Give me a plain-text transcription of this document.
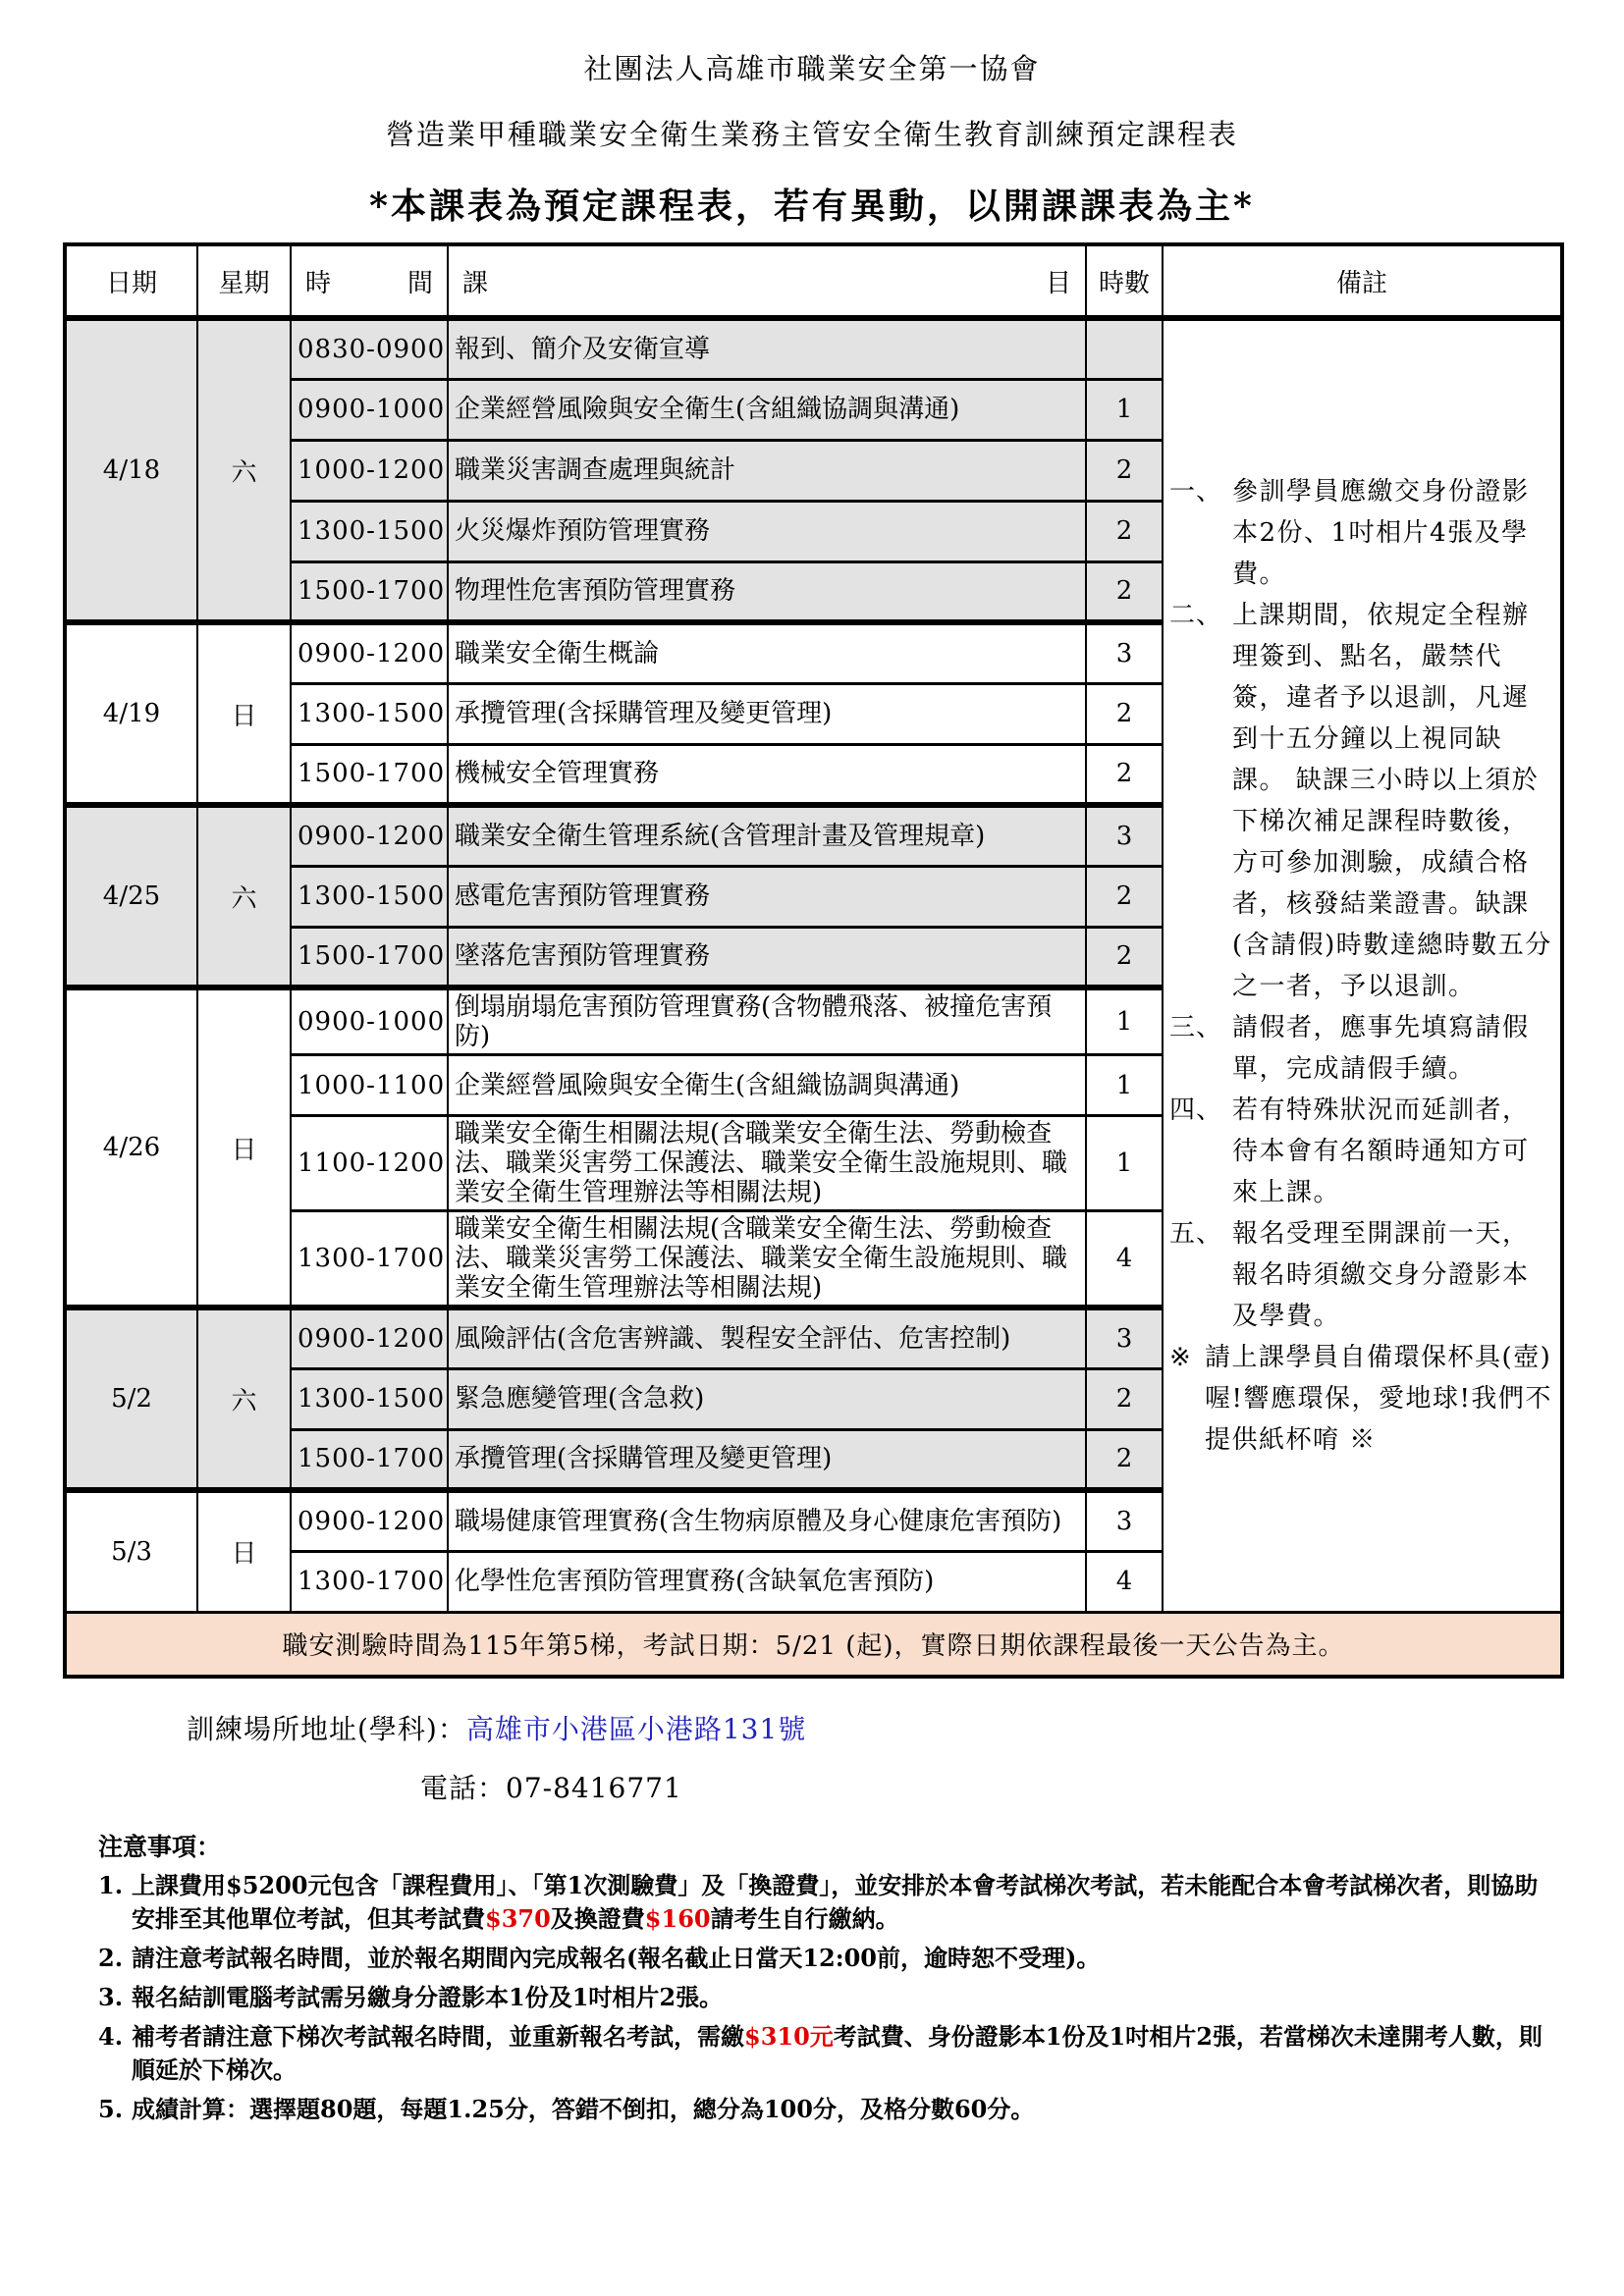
社團法人高雄市職業安全第一協會
營造業甲種職業安全衛生業務主管安全衛生教育訓練預定課程表
*本課表為預定課程表，若有異動，以開課課表為主*
日期	星期	時 間	課 目	時數	備註
4/18	六	0830-0900	報到、簡介及安衛宣導		
一、 參訓學員應繳交身份證影本2份、1吋相片4張及學費。
二、 上課期間，依規定全程辦理簽到、點名，嚴禁代簽，違者予以退訓，凡遲到十五分鐘以上視同缺課。 缺課三小時以上須於下梯次補足課程時數後，方可參加測驗，成績合格者，核發結業證書。缺課(含請假)時數達總時數五分之一者，予以退訓。
三、 請假者，應事先填寫請假單，完成請假手續。
四、 若有特殊狀況而延訓者，待本會有名額時通知方可來上課。
五、 報名受理至開課前一天，報名時須繳交身分證影本及學費。
※ 請上課學員自備環保杯具(壺) 喔!響應環保，愛地球!我們不提供紙杯唷 ※

		0900-1000	企業經營風險與安全衛生(含組織協調與溝通)	1	
		1000-1200	職業災害調查處理與統計	2	
		1300-1500	火災爆炸預防管理實務	2	
		1500-1700	物理性危害預防管理實務	2	
4/19	日	0900-1200	職業安全衛生概論	3	
		1300-1500	承攬管理(含採購管理及變更管理)	2	
		1500-1700	機械安全管理實務	2	
4/25	六	0900-1200	職業安全衛生管理系統(含管理計畫及管理規章)	3	
		1300-1500	感電危害預防管理實務	2	
		1500-1700	墜落危害預防管理實務	2	
4/26	日	0900-1000	倒塌崩塌危害預防管理實務(含物體飛落、被撞危害預防)	1	
		1000-1100	企業經營風險與安全衛生(含組織協調與溝通)	1	
		1100-1200	職業安全衛生相關法規(含職業安全衛生法、勞動檢查法、職業災害勞工保護法、職業安全衛生設施規則、職業安全衛生管理辦法等相關法規)	1	
		1300-1700	職業安全衛生相關法規(含職業安全衛生法、勞動檢查法、職業災害勞工保護法、職業安全衛生設施規則、職業安全衛生管理辦法等相關法規)	4	
5/2	六	0900-1200	風險評估(含危害辨識、製程安全評估、危害控制)	3	
		1300-1500	緊急應變管理(含急救)	2	
		1500-1700	承攬管理(含採購管理及變更管理)	2	
5/3	日	0900-1200	職場健康管理實務(含生物病原體及身心健康危害預防)	3	
		1300-1700	化學性危害預防管理實務(含缺氧危害預防)	4	
職安測驗時間為115年第5梯，考試日期：5/21 (起)，實際日期依課程最後一天公告為主。					
訓練場所地址(學科)：高雄市小港區小港路131號
電話：07-8416771
注意事項：
1. 上課費用$5200元包含「課程費用」、「第1次測驗費」及「換證費」，並安排於本會考試梯次考試，若未能配合本會考試梯次者，則協助安排至其他單位考試，但其考試費$370及換證費$160請考生自行繳納。
2. 請注意考試報名時間，並於報名期間內完成報名(報名截止日當天12:00前，逾時恕不受理)。
3. 報名結訓電腦考試需另繳身分證影本1份及1吋相片2張。
4. 補考者請注意下梯次考試報名時間，並重新報名考試，需繳$310元考試費、身份證影本1份及1吋相片2張，若當梯次未達開考人數，則順延於下梯次。
5. 成績計算：選擇題80題，每題1.25分，答錯不倒扣，總分為100分，及格分數60分。
